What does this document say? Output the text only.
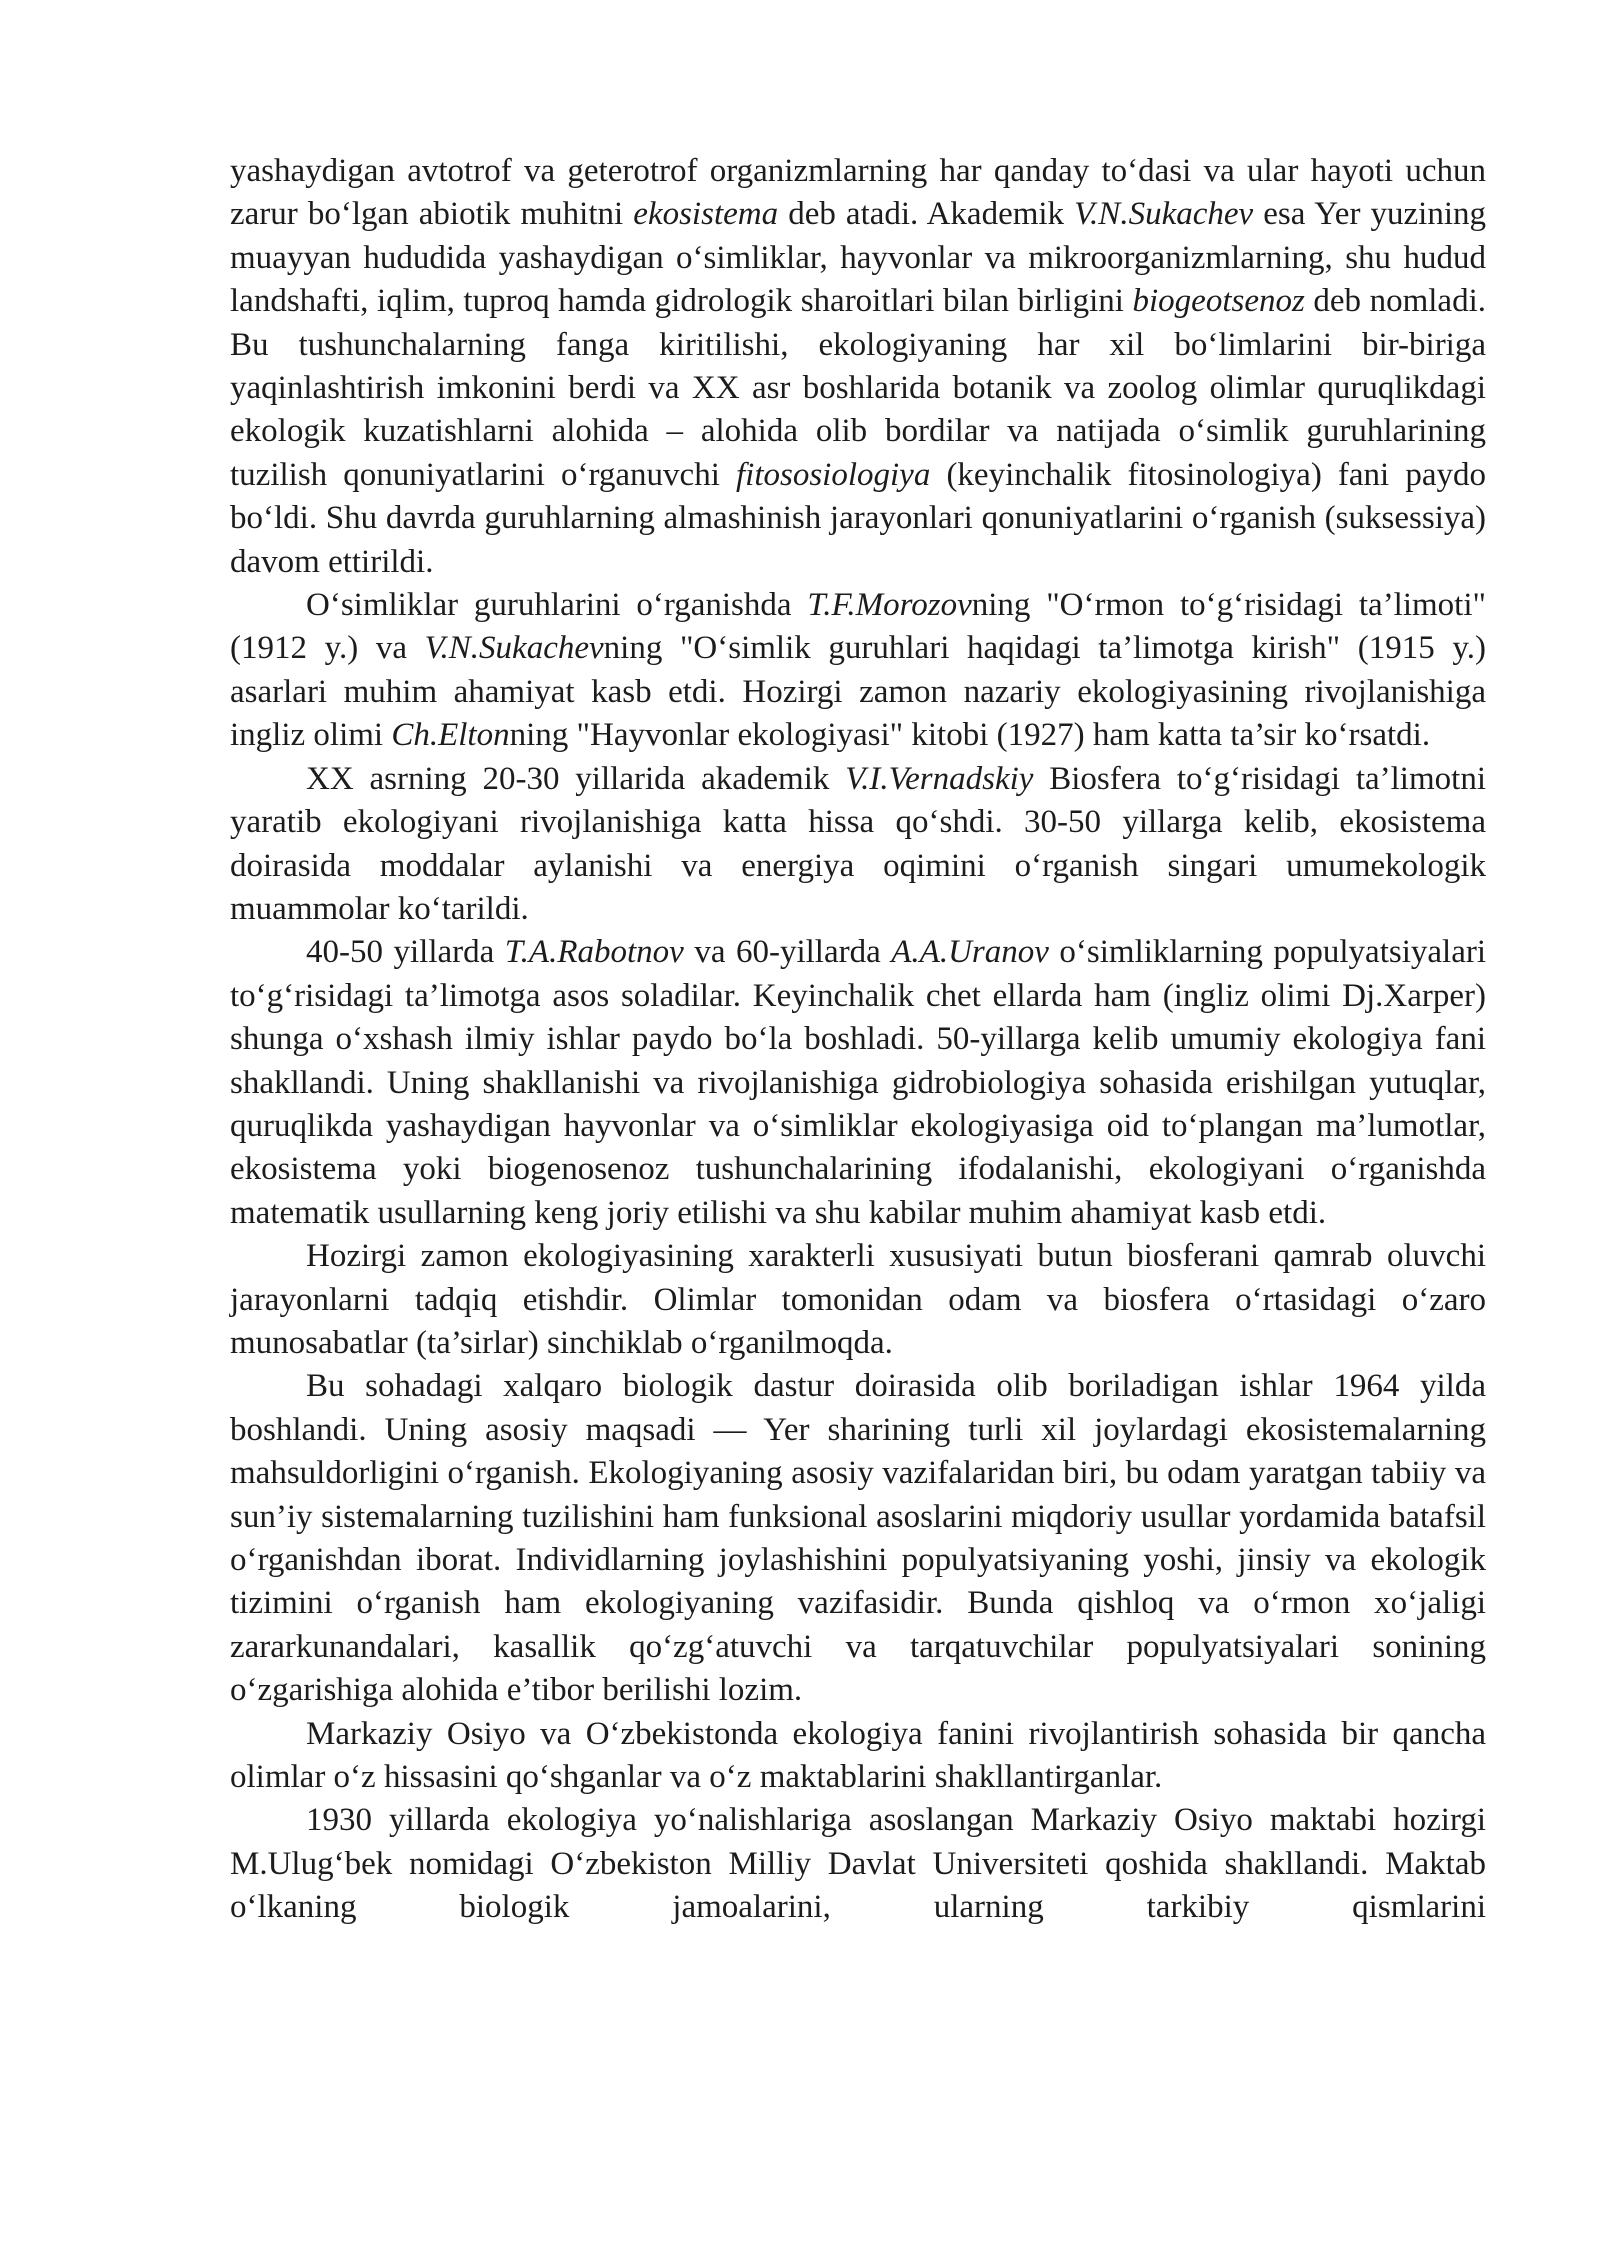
yashaydigan avtotrof va geterotrof organizmlarning har qanday to‘dasi va ular hayoti uchun zarur bo‘lgan abiotik muhitni ekosistema deb atadi. Akademik V.N.Sukachev esa Yer yuzining muayyan hududida yashaydigan o‘simliklar, hayvonlar va mikroorganizmlarning, shu hudud landshafti, iqlim, tuproq hamda gidrologik sharoitlari bilan birligini biogeotsenoz deb nomladi. Bu tushunchalarning fanga kiritilishi, ekologiyaning har xil bo‘limlarini bir-biriga yaqinlashtirish imkonini berdi va XX asr boshlarida botanik va zoolog olimlar quruqlikdagi ekologik kuzatishlarni alohida – alohida olib bordilar va natijada o‘simlik guruhlarining tuzilish qonuniyatlarini o‘rganuvchi fitososiologiya (keyinchalik fitosinologiya) fani paydo bo‘ldi. Shu davrda guruhlarning almashinish jarayonlari qonuniyatlarini o‘rganish (suksessiya) davom ettirildi.

O‘simliklar guruhlarini o‘rganishda T.F.Morozovning "O‘rmon to‘g‘risidagi ta’limoti" (1912 y.) va V.N.Sukachevning "O‘simlik guruhlari haqidagi ta’limotga kirish" (1915 y.) asarlari muhim ahamiyat kasb etdi. Hozirgi zamon nazariy ekologiyasining rivojlanishiga ingliz olimi Ch.Eltonning "Hayvonlar ekologiyasi" kitobi (1927) ham katta ta’sir ko‘rsatdi.

XX asrning 20-30 yillarida akademik V.I.Vernadskiy Biosfera to‘g‘risidagi ta’limotni yaratib ekologiyani rivojlanishiga katta hissa qo‘shdi. 30-50 yillarga kelib, ekosistema doirasida moddalar aylanishi va energiya oqimini o‘rganish singari umumekologik muammolar ko‘tarildi.

40-50 yillarda T.A.Rabotnov va 60-yillarda A.A.Uranov o‘simliklarning populyatsiyalari to‘g‘risidagi ta’limotga asos soladilar. Keyinchalik chet ellarda ham (ingliz olimi Dj.Xarper) shunga o‘xshash ilmiy ishlar paydo bo‘la boshladi. 50-yillarga kelib umumiy ekologiya fani shakllandi. Uning shakllanishi va rivojlanishiga gidrobiologiya sohasida erishilgan yutuqlar, quruqlikda yashaydigan hayvonlar va o‘simliklar ekologiyasiga oid to‘plangan ma’lumotlar, ekosistema yoki biogenosenoz tushunchalarining ifodalanishi, ekologiyani o‘rganishda matematik usullarning keng joriy etilishi va shu kabilar muhim ahamiyat kasb etdi.

Hozirgi zamon ekologiyasining xarakterli xususiyati butun biosferani qamrab oluvchi jarayonlarni tadqiq etishdir. Olimlar tomonidan odam va biosfera o‘rtasidagi o‘zaro munosabatlar (ta’sirlar) sinchiklab o‘rganilmoqda.

Bu sohadagi xalqaro biologik dastur doirasida olib boriladigan ishlar 1964 yilda boshlandi. Uning asosiy maqsadi — Yer sharining turli xil joylardagi ekosistemalarning mahsuldorligini o‘rganish. Ekologiyaning asosiy vazifalaridan biri, bu odam yaratgan tabiiy va sun’iy sistemalarning tuzilishini ham funksional asoslarini miqdoriy usullar yordamida batafsil o‘rganishdan iborat. Individlarning joylashishini populyatsiyaning yoshi, jinsiy va ekologik tizimini o‘rganish ham ekologiyaning vazifasidir. Bunda qishloq va o‘rmon xo‘jaligi zararkunandalari, kasallik qo‘zg‘atuvchi va tarqatuvchilar populyatsiyalari sonining o‘zgarishiga alohida e’tibor berilishi lozim.

Markaziy Osiyo va O‘zbekistonda ekologiya fanini rivojlantirish sohasida bir qancha olimlar o‘z hissasini qo‘shganlar va o‘z maktablarini shakllantirganlar.

1930 yillarda ekologiya yo‘nalishlariga asoslangan Markaziy Osiyo maktabi hozirgi M.Ulug‘bek nomidagi O‘zbekiston Milliy Davlat Universiteti qoshida shakllandi. Maktab o‘lkaning biologik jamoalarini, ularning tarkibiy qismlarini
